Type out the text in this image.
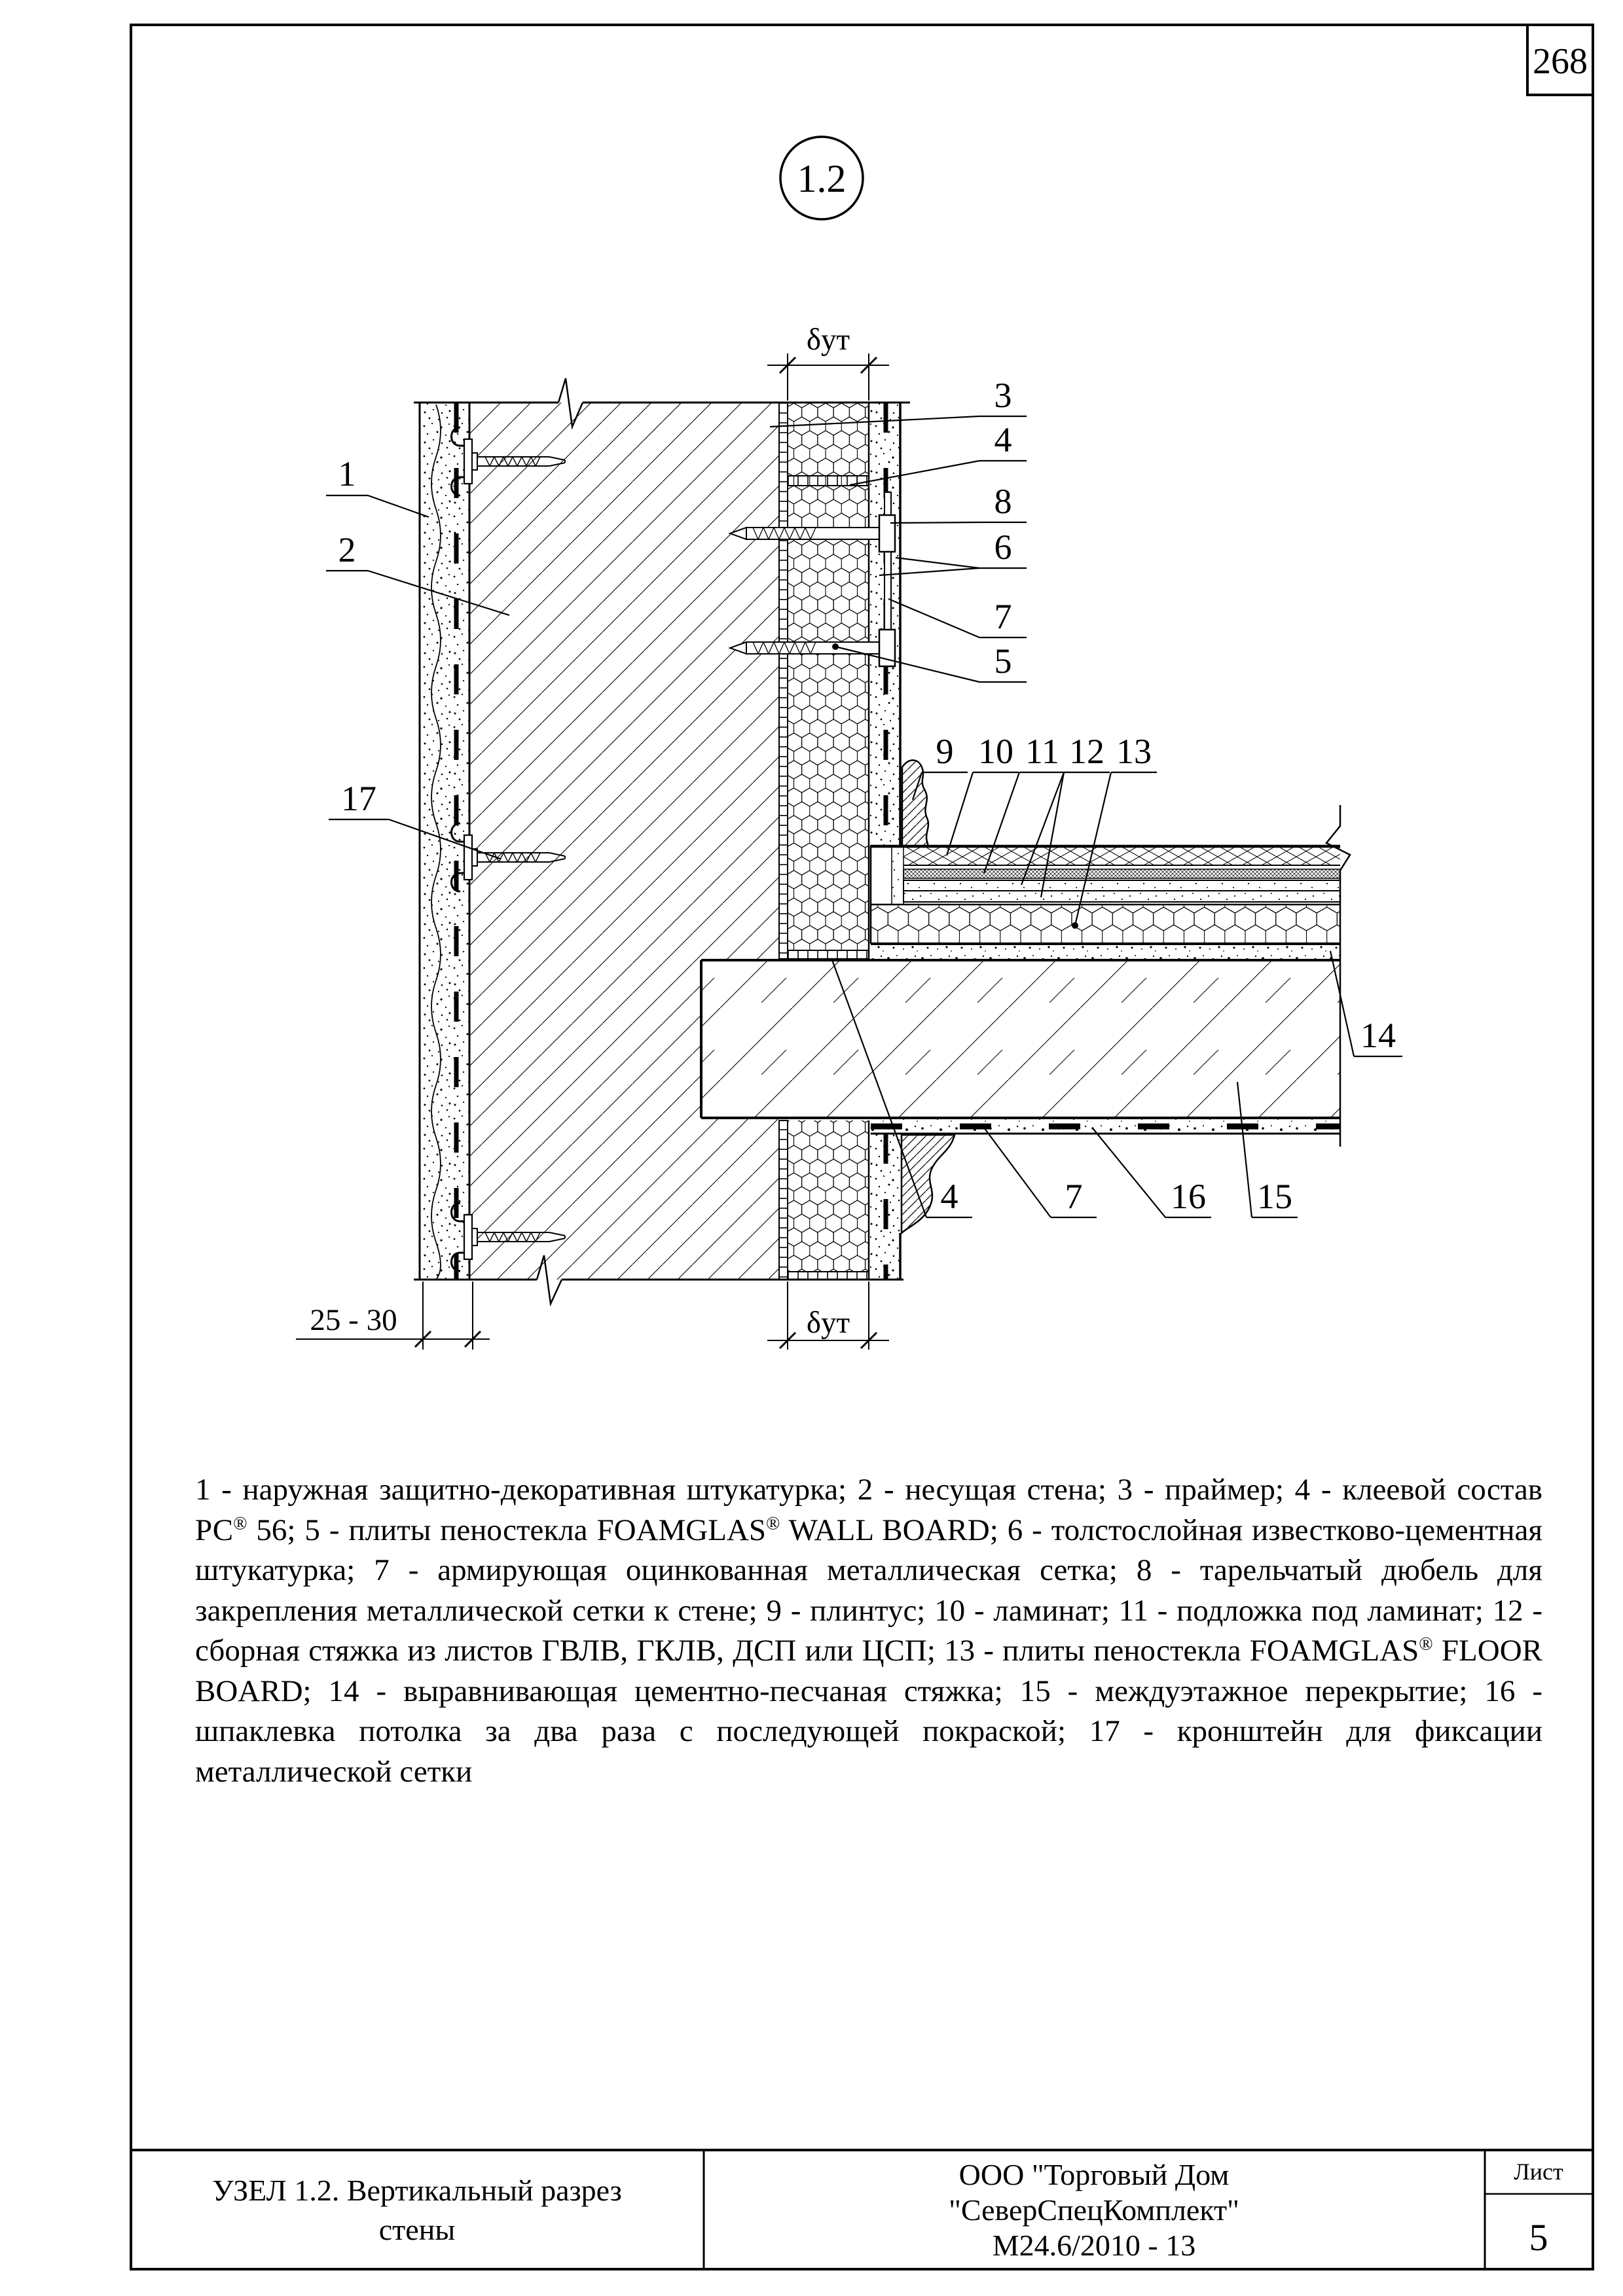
268
1.2
δут
δут
25 - 30
1
2
17
3
4
8
6
7
5
9 10 11 12 13
14
4	7 16 15
УЗЕЛ 1.2. Вертикальный разрез
стены
ООО "Торговый Дом
"СеверСпецКомплект"
М24.6/2010 - 13
Лист
5
1 - наружная защитно-декоративная штукатурка; 2 - несущая стена; 3 - праймер; 4 - клеевой состав РС® 56; 5 - плиты пеностекла FOAMGLAS® WALL BOARD; 6 - толстослойная известково-цементная штукатурка; 7 - армирующая оцинкованная металлическая сетка; 8 - тарельчатый дюбель для закрепления металлической сетки к стене; 9 - плинтус; 10 - ламинат; 11 - подложка под ламинат; 12 - сборная стяжка из листов ГВЛВ, ГКЛВ, ДСП или ЦСП; 13 - плиты пеностекла FOAMGLAS® FLOOR BOARD; 14 - выравнивающая цементно-песчаная стяжка; 15 - междуэтажное перекрытие; 16 - шпаклевка потолка за два раза с последующей покраской; 17 - кронштейн для фиксации металлической сетки
